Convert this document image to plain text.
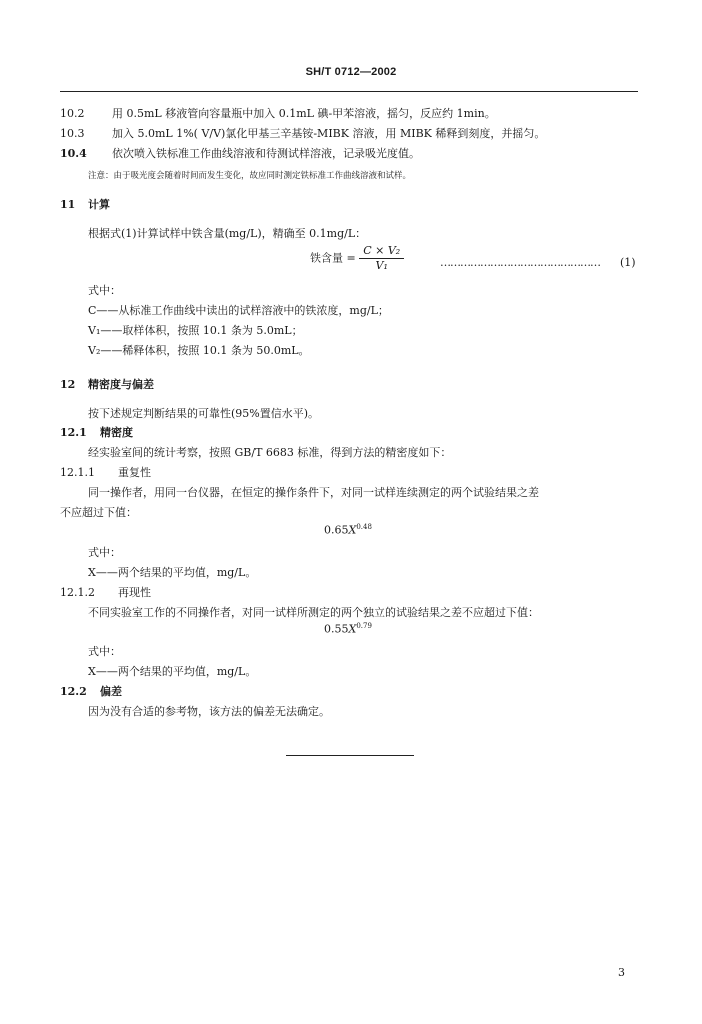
SH/T 0712—2002
10.2	用 0.5mL 移液管向容量瓶中加入 0.1mL 碘-甲苯溶液，摇匀，反应约 1min。
10.3	加入 5.0mL 1%( V/V)氯化甲基三辛基铵-MIBK 溶液，用 MIBK 稀释到刻度，并摇匀。
10.4 依次喷入铁标准工作曲线溶液和待测试样溶液，记录吸光度值。
注意：由于吸光度会随着时间而发生变化，故应同时测定铁标准工作曲线溶液和试样。
11 计算
根据式(1)计算试样中铁含量(mg/L)，精确至 0.1mg/L：
铁含量 = $\frac{\text{C × V₂}}{\text{V₁}}$	………………………………………… (1)
式中：
C——从标准工作曲线中读出的试样溶液中的铁浓度，mg/L；
V₁——取样体积，按照 10.1 条为 5.0mL；
V₂——稀释体积，按照 10.1 条为 50.0mL。
12 精密度与偏差
按下述规定判断结果的可靠性(95%置信水平)。
12.1 精密度
经实验室间的统计考察，按照 GB/T 6683 标准，得到方法的精密度如下：
12.1.1 重复性
同一操作者，用同一台仪器，在恒定的操作条件下，对同一试样连续测定的两个试验结果之差
不应超过下值：
$0.65X^{0.48}$
式中：
X——两个结果的平均值，mg/L。
12.1.2 再现性
不同实验室工作的不同操作者，对同一试样所测定的两个独立的试验结果之差不应超过下值：
$0.55X^{0.79}$
式中：
X——两个结果的平均值，mg/L。
12.2 偏差
因为没有合适的参考物，该方法的偏差无法确定。
3
